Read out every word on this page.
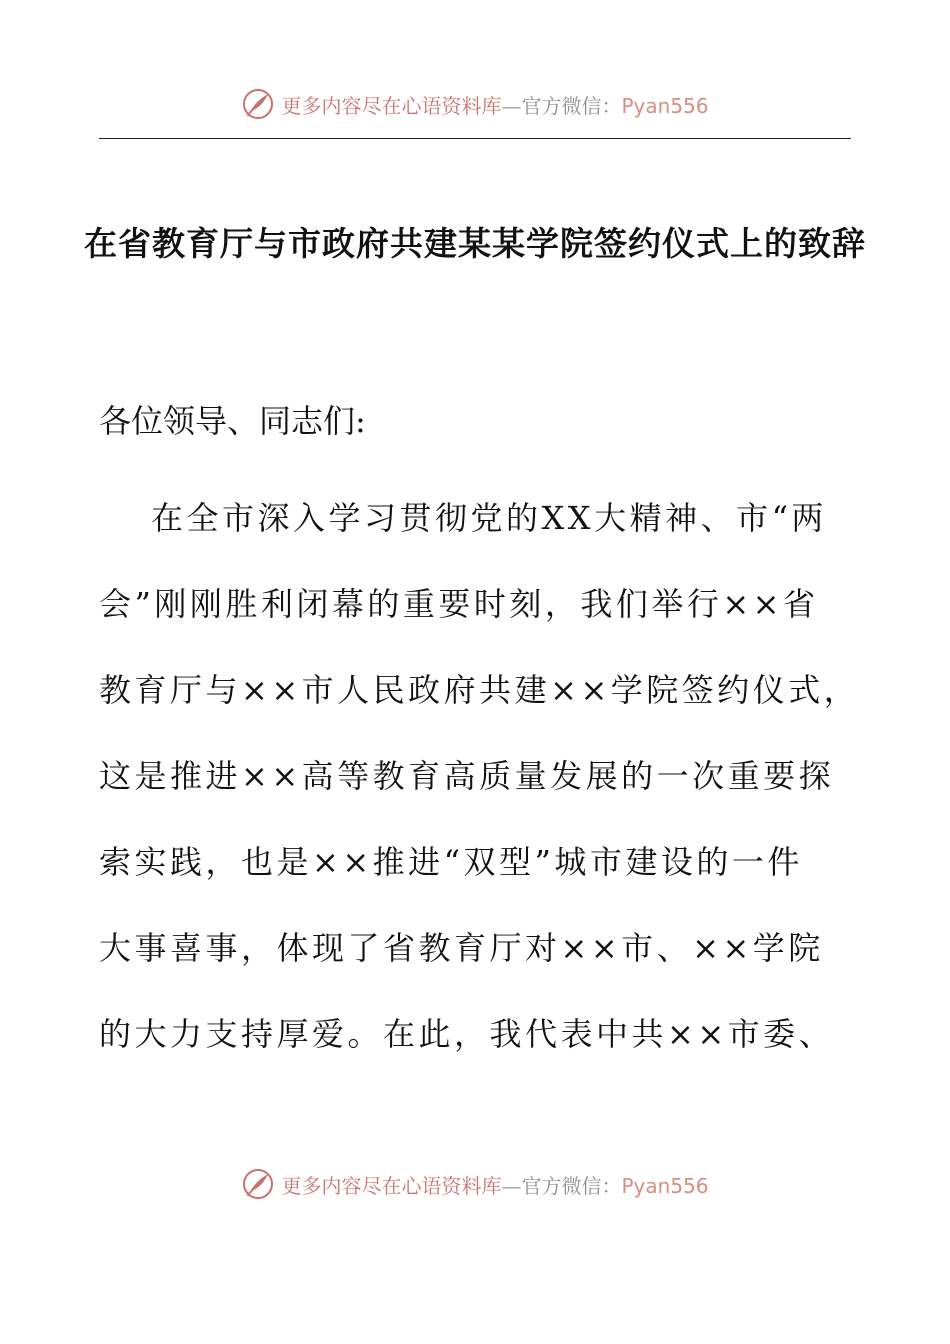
更多内容尽在心语资料库—官方微信：Pyan556
在省教育厅与市政府共建某某学院签约仪式上的致辞
各位领导、同志们:
在全市深入学习贯彻党的XX大精神、市“两
会”刚刚胜利闭幕的重要时刻，我们举行××省
教育厅与××市人民政府共建××学院签约仪式，
这是推进××高等教育高质量发展的一次重要探
索实践，也是××推进“双型”城市建设的一件
大事喜事，体现了省教育厅对××市、××学院
的大力支持厚爱。在此，我代表中共××市委、
更多内容尽在心语资料库—官方微信：Pyan556
